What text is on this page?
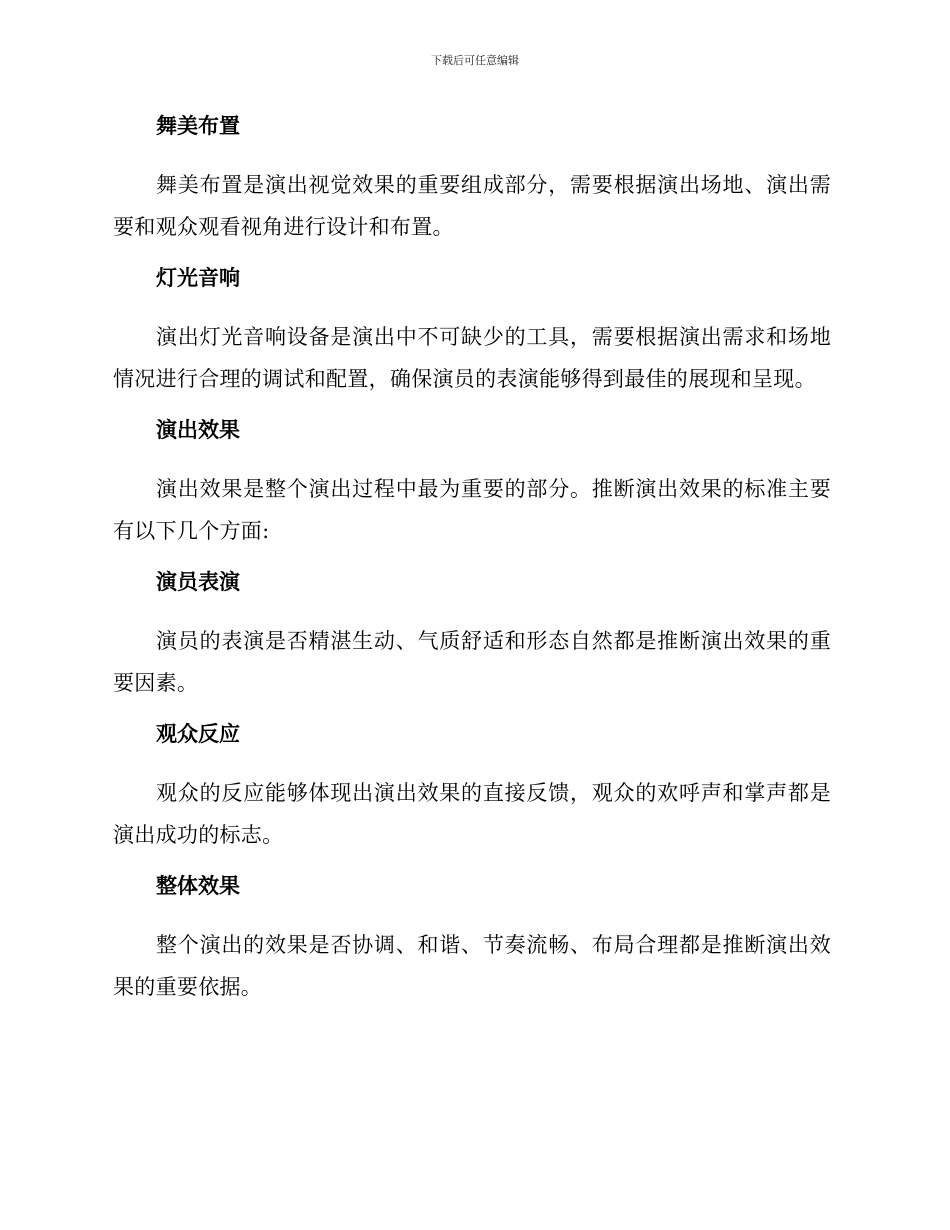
下载后可任意编辑
舞美布置

舞美布置是演出视觉效果的重要组成部分，需要根据演出场地、演出需要和观众观看视角进行设计和布置。

灯光音响

演出灯光音响设备是演出中不可缺少的工具，需要根据演出需求和场地情况进行合理的调试和配置，确保演员的表演能够得到最佳的展现和呈现。

演出效果

演出效果是整个演出过程中最为重要的部分。推断演出效果的标准主要有以下几个方面:

演员表演

演员的表演是否精湛生动、气质舒适和形态自然都是推断演出效果的重要因素。

观众反应

观众的反应能够体现出演出效果的直接反馈，观众的欢呼声和掌声都是演出成功的标志。

整体效果

整个演出的效果是否协调、和谐、节奏流畅、布局合理都是推断演出效果的重要依据。
